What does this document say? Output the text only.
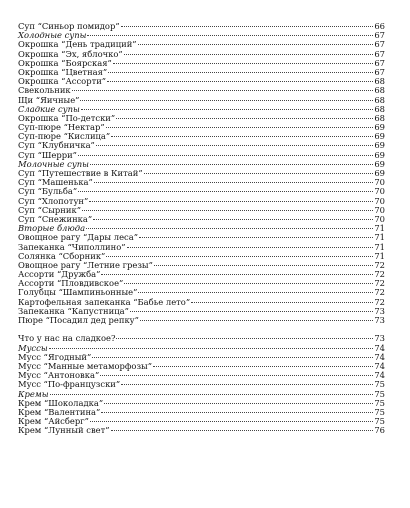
Суп “Синьор помидор”	66
Холодные супы	67
Окрошка “День традиций”	67
Окрошка “Эх, яблочко”	67
Окрошка “Боярская”	67
Окрошка “Цветная”	67
Окрошка “Ассорти”	68
Свекольник	68
Щи “Яичные”	68
Сладкие супы	68
Окрошка “По-детски”	68
Суп-пюре “Нектар”	69
Суп-пюре “Кислица”	69
Суп “Клубничка”	69
Суп “Шерри”	69
Молочные супы	69
Суп “Путешествие в Китай”	69
Суп “Машенька”	70
Суп “Бульба”	70
Суп “Хлопотун”	70
Суп “Сырник”	70
Суп “Снежинка”	70
Вторые блюда	71
Овощное рагу “Дары леса”	71
Запеканка “Чиполлино”	71
Солянка “Сборник”	71
Овощное рагу “Летние грезы”	72
Ассорти “Дружба”	72
Ассорти “Пловдивское”	72
Голубцы “Шампиньонные”	72
Картофельная запеканка “Бабье лето”	72
Запеканка “Капустница”	73
Пюре “Посадил дед репку”	73
Что у нас на сладкое?	73
Муссы	74
Мусс “Ягодный”	74
Мусс “Манные метаморфозы”	74
Мусс “Антоновка”	74
Мусс “По-французски”	75
Кремы	75
Крем “Шоколадка”	75
Крем “Валентина”	75
Крем “Айсберг”	75
Крем “Лунный свет”	76
